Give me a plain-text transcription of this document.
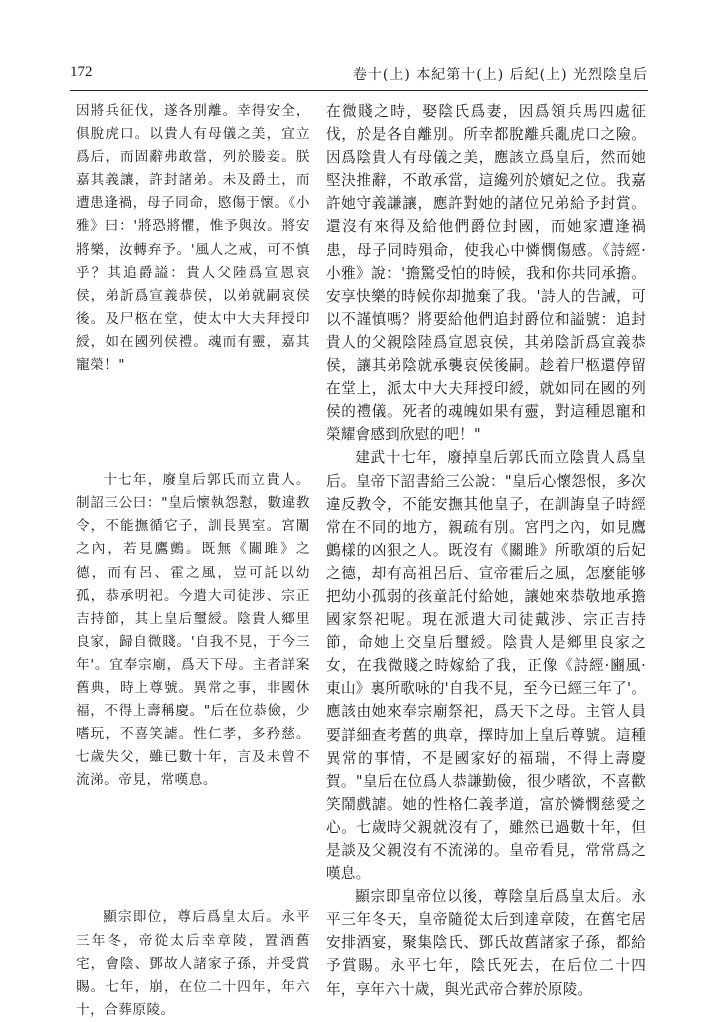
172	卷十(上) 本紀第十(上) 后紀(上) 光烈陰皇后

因將兵征伐，遂各別離。幸得安全，俱脫虎口。以貴人有母儀之美，宜立爲后，而固辭弗敢當，列於媵妾。朕嘉其義讓，許封諸弟。未及爵土，而遭患逢禍，母子同命，愍傷于懷。《小雅》曰：'將恐將懼，惟予與汝。將安將樂，汝轉弃予。'風人之戒，可不慎乎？其追爵謚：貴人父陸爲宣恩哀侯，弟訢爲宣義恭侯，以弟就嗣哀侯後。及尸柩在堂，使太中大夫拜授印綬，如在國列侯禮。魂而有靈，嘉其寵榮！"

十七年，廢皇后郭氏而立貴人。制詔三公曰："皇后懷執怨懟，數違教令，不能撫循它子，訓長異室。宮闈之內，若見鷹鸇。既無《關雎》之德，而有呂、霍之風，豈可託以幼孤，恭承明祀。今遣大司徒涉、宗正吉持節，其上皇后璽綬。陰貴人鄉里良家，歸自微賤。'自我不見，于今三年'。宜奉宗廟，爲天下母。主者詳案舊典，時上尊號。異常之事，非國休福，不得上壽稱慶。"后在位恭儉，少嗜玩，不喜笑謔。性仁孝，多矜慈。七歲失父，雖已數十年，言及未曾不流涕。帝見，常嘆息。

顯宗即位，尊后爲皇太后。永平三年冬，帝從太后幸章陵，置酒舊宅，會陰、鄧故人諸家子孫，并受賞賜。七年，崩，在位二十四年，年六十，合葬原陵。

在微賤之時，娶陰氏爲妻，因爲領兵馬四處征伐，於是各自離別。所幸都脫離兵亂虎口之險。因爲陰貴人有母儀之美，應該立爲皇后，然而她堅決推辭，不敢承當，這纔列於嬪妃之位。我嘉許她守義謙讓，應許對她的諸位兄弟給予封賞。還沒有來得及給他們爵位封國，而她家遭逢禍患，母子同時殞命，使我心中憐憫傷感。《詩經·小雅》說：'擔驚受怕的時候，我和你共同承擔。安享快樂的時候你却拋棄了我。'詩人的告誡，可以不謹慎嗎？將要給他們追封爵位和謚號：追封貴人的父親陰陸爲宣恩哀侯，其弟陰訢爲宣義恭侯，讓其弟陰就承襲哀侯後嗣。趁着尸柩還停留在堂上，派太中大夫拜授印綬，就如同在國的列侯的禮儀。死者的魂魄如果有靈，對這種恩寵和榮耀會感到欣慰的吧！"

建武十七年，廢掉皇后郭氏而立陰貴人爲皇后。皇帝下詔書給三公說："皇后心懷怨恨，多次違反教令，不能安撫其他皇子，在訓誨皇子時經常在不同的地方，親疏有別。宮門之內，如見鷹鸇樣的凶狠之人。既沒有《關雎》所歌頌的后妃之德，却有高祖呂后、宣帝霍后之風，怎麼能够把幼小孤弱的孩童託付給她，讓她來恭敬地承擔國家祭祀呢。現在派遣大司徒戴涉、宗正吉持節，命她上交皇后璽綬。陰貴人是鄉里良家之女，在我微賤之時嫁給了我，正像《詩經·豳風·東山》裏所歌咏的'自我不見，至今已經三年了'。應該由她來奉宗廟祭祀，爲天下之母。主管人員要詳細查考舊的典章，擇時加上皇后尊號。這種異常的事情，不是國家好的福瑞，不得上壽慶賀。"皇后在位爲人恭謙勤儉，很少嗜欲，不喜歡笑鬧戲謔。她的性格仁義孝道，富於憐憫慈愛之心。七歲時父親就沒有了，雖然已過數十年，但是談及父親沒有不流涕的。皇帝看見，常常爲之嘆息。

顯宗即皇帝位以後，尊陰皇后爲皇太后。永平三年冬天，皇帝隨從太后到達章陵，在舊宅居安排酒宴，聚集陰氏、鄧氏故舊諸家子孫，都給予賞賜。永平七年，陰氏死去，在后位二十四年，享年六十歲，與光武帝合葬於原陵。
